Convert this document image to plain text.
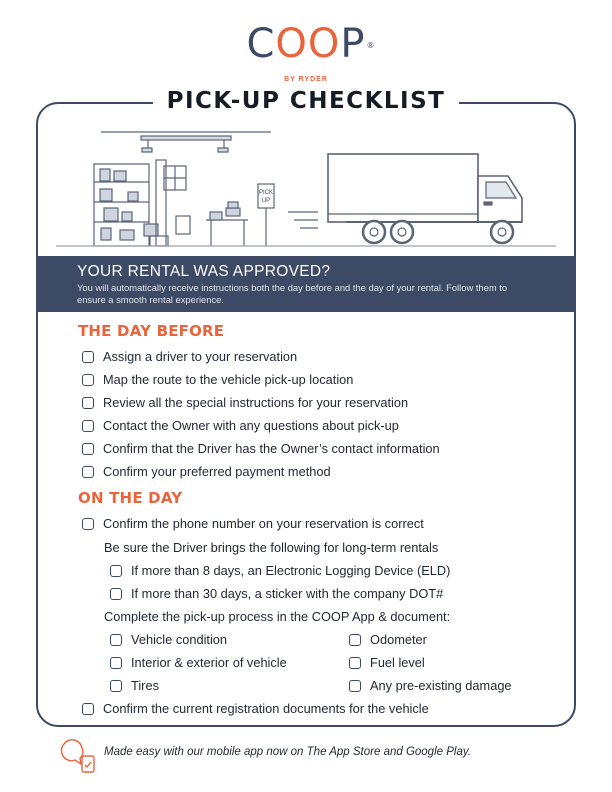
COOP ®
BY RYDER
PICK-UP CHECKLIST
PICK
UP
YOUR RENTAL WAS APPROVED?
You will automatically receive instructions both the day before and the day of your rental. Follow them to ensure a smooth rental experience.
THE DAY BEFORE
Assign a driver to your reservation
Map the route to the vehicle pick-up location
Review all the special instructions for your reservation
Contact the Owner with any questions about pick-up
Confirm that the Driver has the Owner’s contact information
Confirm your preferred payment method
ON THE DAY
Confirm the phone number on your reservation is correct
Be sure the Driver brings the following for long-term rentals
If more than 8 days, an Electronic Logging Device (ELD)
If more than 30 days, a sticker with the company DOT#
Complete the pick-up process in the COOP App & document:
Vehicle condition
Interior & exterior of vehicle
Tires
Odometer
Fuel level
Any pre-existing damage
Confirm the current registration documents for the vehicle
Made easy with our mobile app now on The App Store and Google Play.
